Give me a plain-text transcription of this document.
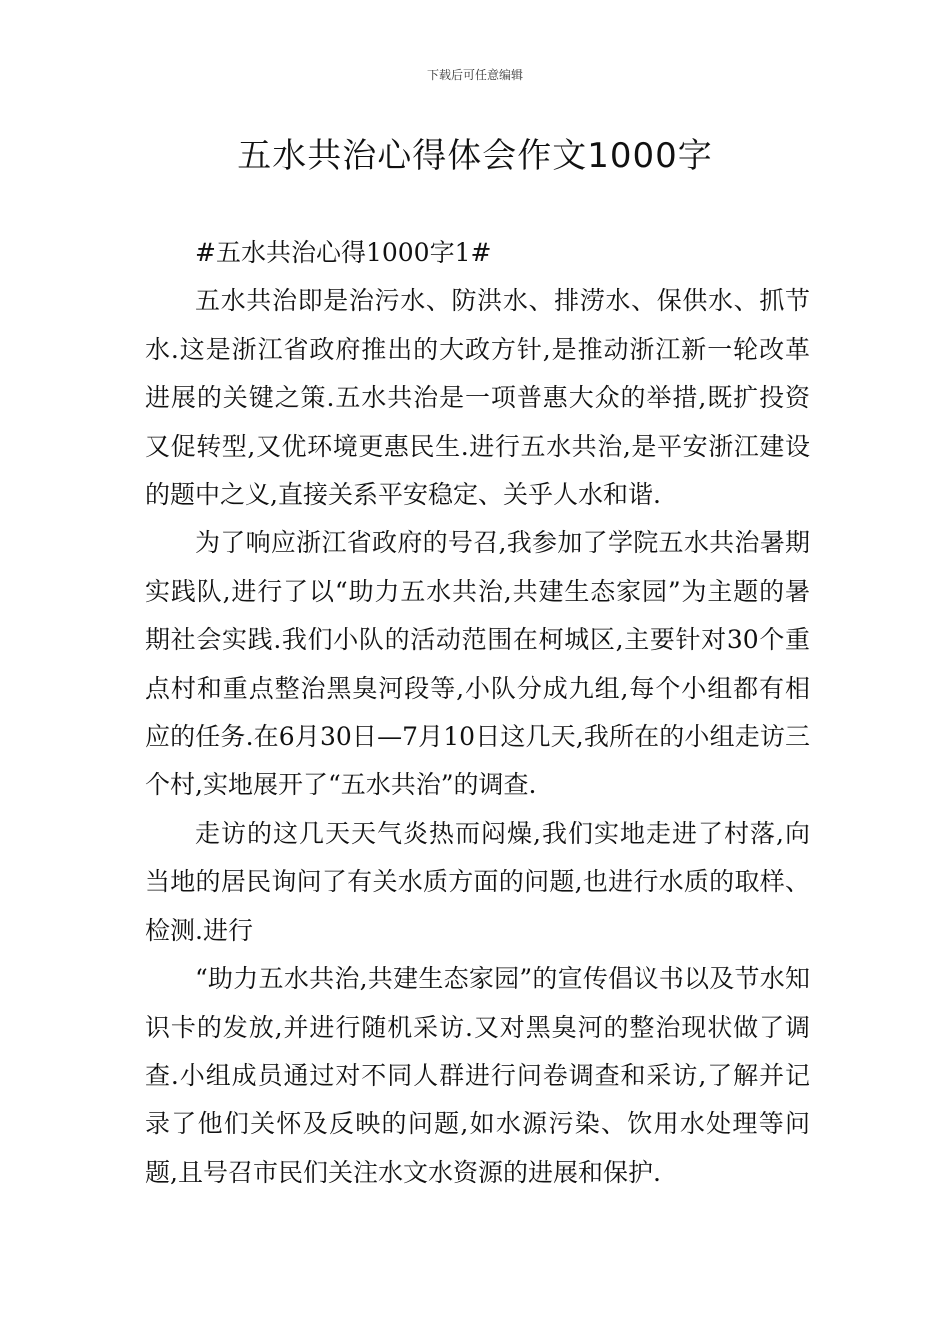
下载后可任意编辑
五水共治心得体会作文1000字

#五水共治心得1000字1#

五水共治即是治污水、防洪水、排涝水、保供水、抓节水.这是浙江省政府推出的大政方针,是推动浙江新一轮改革进展的关键之策.五水共治是一项普惠大众的举措,既扩投资又促转型,又优环境更惠民生.进行五水共治,是平安浙江建设的题中之义,直接关系平安稳定、关乎人水和谐.

为了响应浙江省政府的号召,我参加了学院五水共治暑期实践队,进行了以“助力五水共治,共建生态家园”为主题的暑期社会实践.我们小队的活动范围在柯城区,主要针对30个重点村和重点整治黑臭河段等,小队分成九组,每个小组都有相应的任务.在6月30日—7月10日这几天,我所在的小组走访三个村,实地展开了“五水共治”的调查.

走访的这几天天气炎热而闷燥,我们实地走进了村落,向当地的居民询问了有关水质方面的问题,也进行水质的取样、检测.进行

“助力五水共治,共建生态家园”的宣传倡议书以及节水知识卡的发放,并进行随机采访.又对黑臭河的整治现状做了调查.小组成员通过对不同人群进行问卷调查和采访,了解并记录了他们关怀及反映的问题,如水源污染、饮用水处理等问题,且号召市民们关注水文水资源的进展和保护.
